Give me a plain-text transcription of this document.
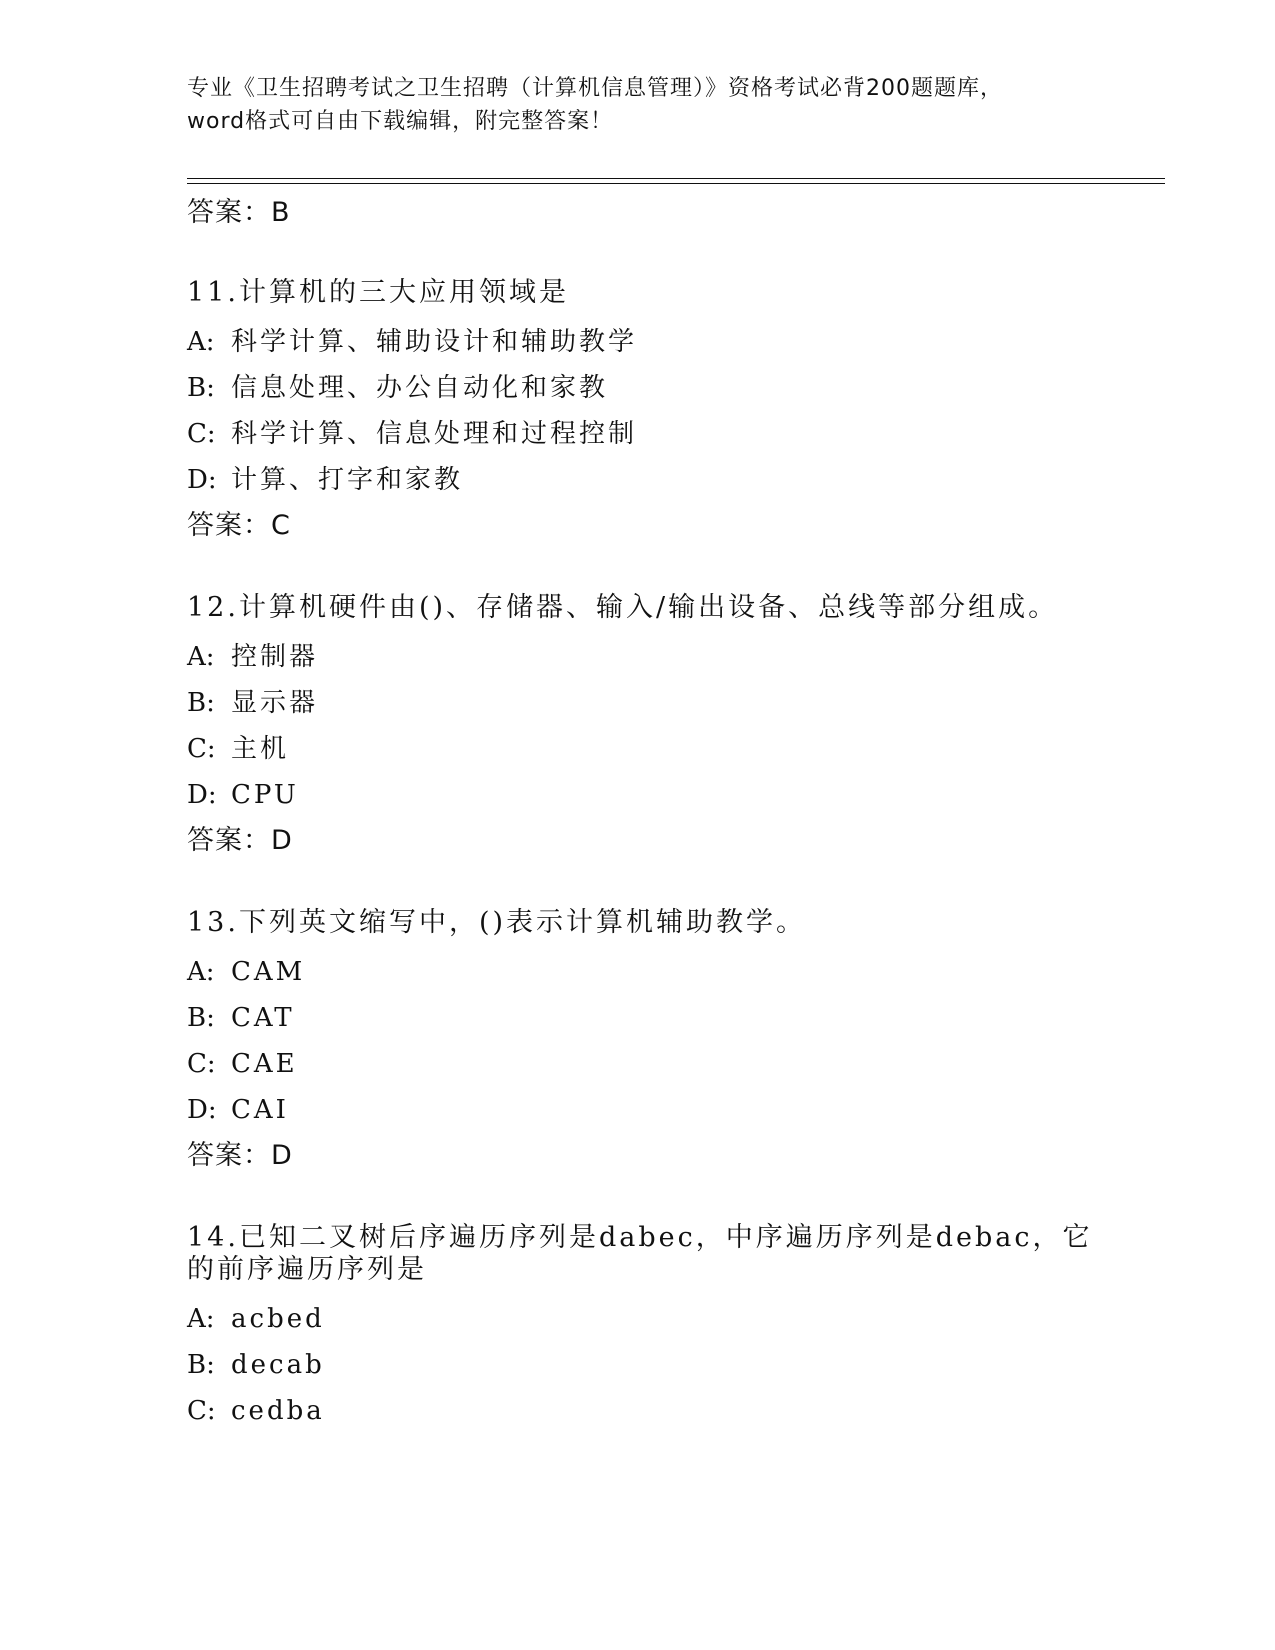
专业《卫生招聘考试之卫生招聘（计算机信息管理）》资格考试必背200题题库，
word格式可自由下载编辑，附完整答案！
答案：B
11.计算机的三大应用领域是
A: 科学计算、辅助设计和辅助教学
B: 信息处理、办公自动化和家教
C: 科学计算、信息处理和过程控制
D: 计算、打字和家教
答案：C
12.计算机硬件由()、存储器、输入/输出设备、总线等部分组成。
A: 控制器
B: 显示器
C: 主机
D: CPU
答案：D
13.下列英文缩写中，()表示计算机辅助教学。
A: CAM
B: CAT
C: CAE
D: CAI
答案：D
14.已知二叉树后序遍历序列是dabec，中序遍历序列是debac，它的前序遍历序列是
A: acbed
B: decab
C: cedba
